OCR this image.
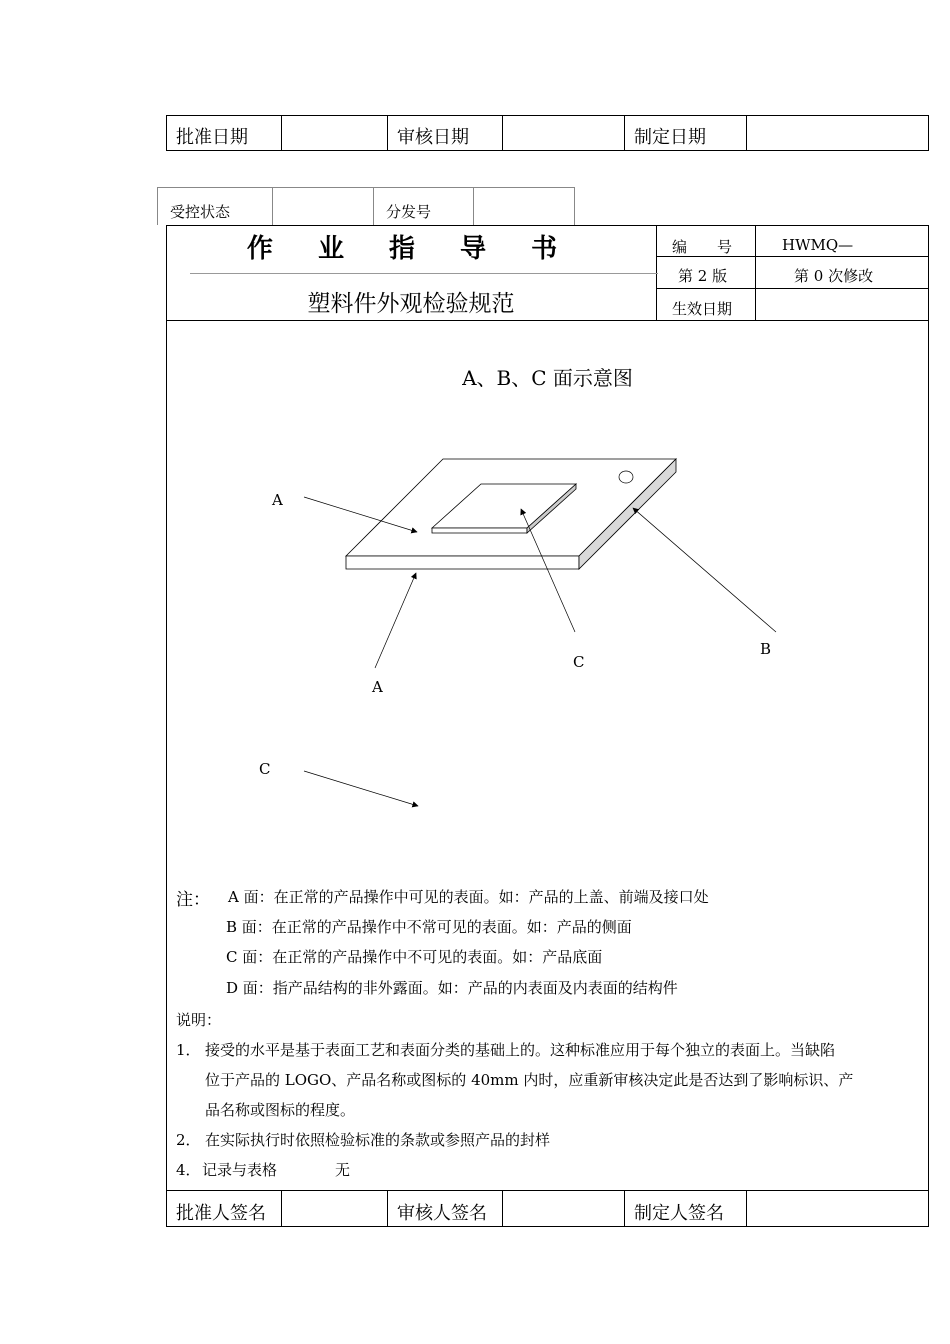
批准日期	审核日期	制定日期
受控状态	分发号
作 业 指 导 书
塑料件外观检验规范
编　　号	HWMQ—
第 2 版	第 0 次修改
生效日期
A、B、C 面示意图
A
A
B
C
C
注： A 面：在正常的产品操作中可见的表面。如：产品的上盖、前端及接口处
B 面：在正常的产品操作中不常可见的表面。如：产品的侧面
C 面：在正常的产品操作中不可见的表面。如：产品底面
D 面：指产品结构的非外露面。如：产品的内表面及内表面的结构件
说明：
1． 接受的水平是基于表面工艺和表面分类的基础上的。这种标准应用于每个独立的表面上。当缺陷
位于产品的 LOGO、产品名称或图标的 40mm 内时，应重新审核决定此是否达到了影响标识、产
品名称或图标的程度。
2． 在实际执行时依照检验标准的条款或参照产品的封样
4． 记录与表格	无
批准人签名	审核人签名	制定人签名
